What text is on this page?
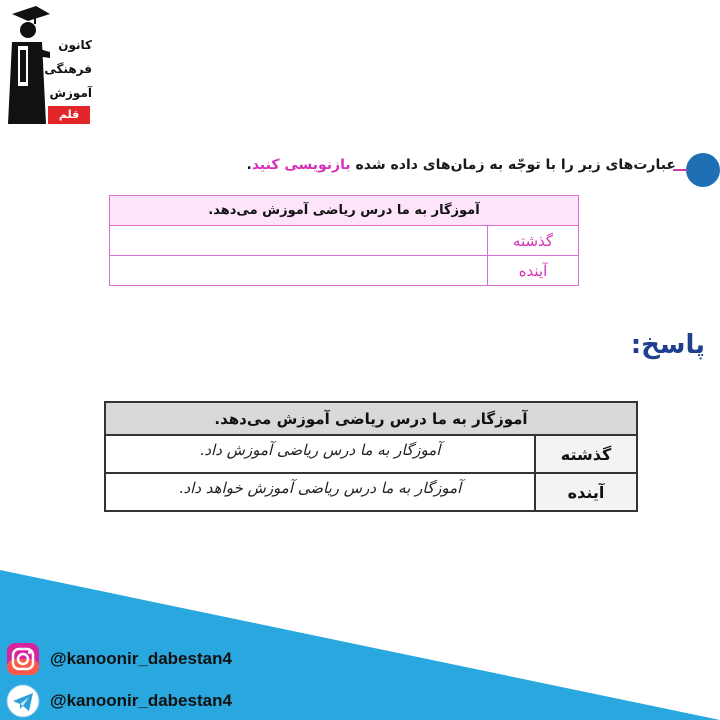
کانون
فرهنگی
آموزش
قلم چی
عبارت‌های زیر را با توجّه به زمان‌های داده شده بازنویسی کنید.
آموزگار به ما درس ریاضی آموزش می‌دهد.	
	گذشته
	آینده
پاسخ:
آموزگار به ما درس ریاضی آموزش می‌دهد.	
آموزگار به ما درس ریاضی آموزش داد.	گذشته
آموزگار به ما درس ریاضی آموزش خواهد داد.	آینده
@kanoonir_dabestan4
@kanoonir_dabestan4
